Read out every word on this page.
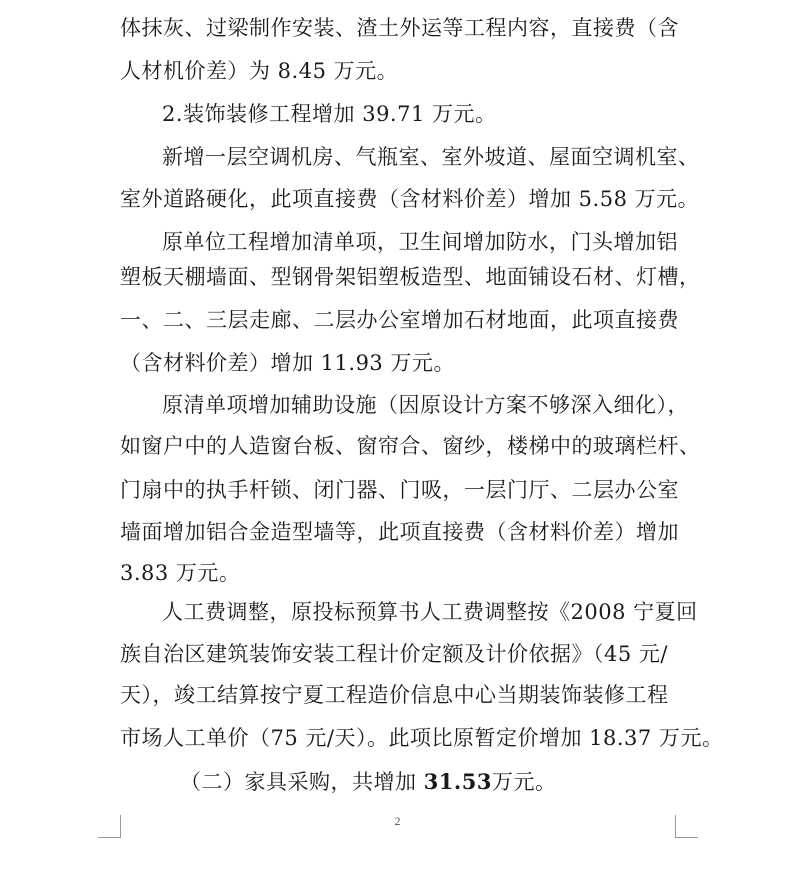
体抹灰、过梁制作安装、渣土外运等工程内容，直接费（含
人材机价差）为 8.45 万元。
2.装饰装修工程增加 39.71 万元。
新增一层空调机房、气瓶室、室外坡道、屋面空调机室、
室外道路硬化，此项直接费（含材料价差）增加 5.58 万元。
原单位工程增加清单项，卫生间增加防水，门头增加铝
塑板天棚墙面、型钢骨架铝塑板造型、地面铺设石材、灯槽，
一、二、三层走廊、二层办公室增加石材地面，此项直接费
（含材料价差）增加 11.93 万元。
原清单项增加辅助设施（因原设计方案不够深入细化），
如窗户中的人造窗台板、窗帘合、窗纱，楼梯中的玻璃栏杆、
门扇中的执手杆锁、闭门器、门吸，一层门厅、二层办公室
墙面增加铝合金造型墙等，此项直接费（含材料价差）增加
3.83 万元。
人工费调整，原投标预算书人工费调整按《2008 宁夏回
族自治区建筑装饰安装工程计价定额及计价依据》（45 元/
天），竣工结算按宁夏工程造价信息中心当期装饰装修工程
市场人工单价（75 元/天）。此项比原暂定价增加 18.37 万元。
（二）家具采购，共增加 31.53万元。
2
